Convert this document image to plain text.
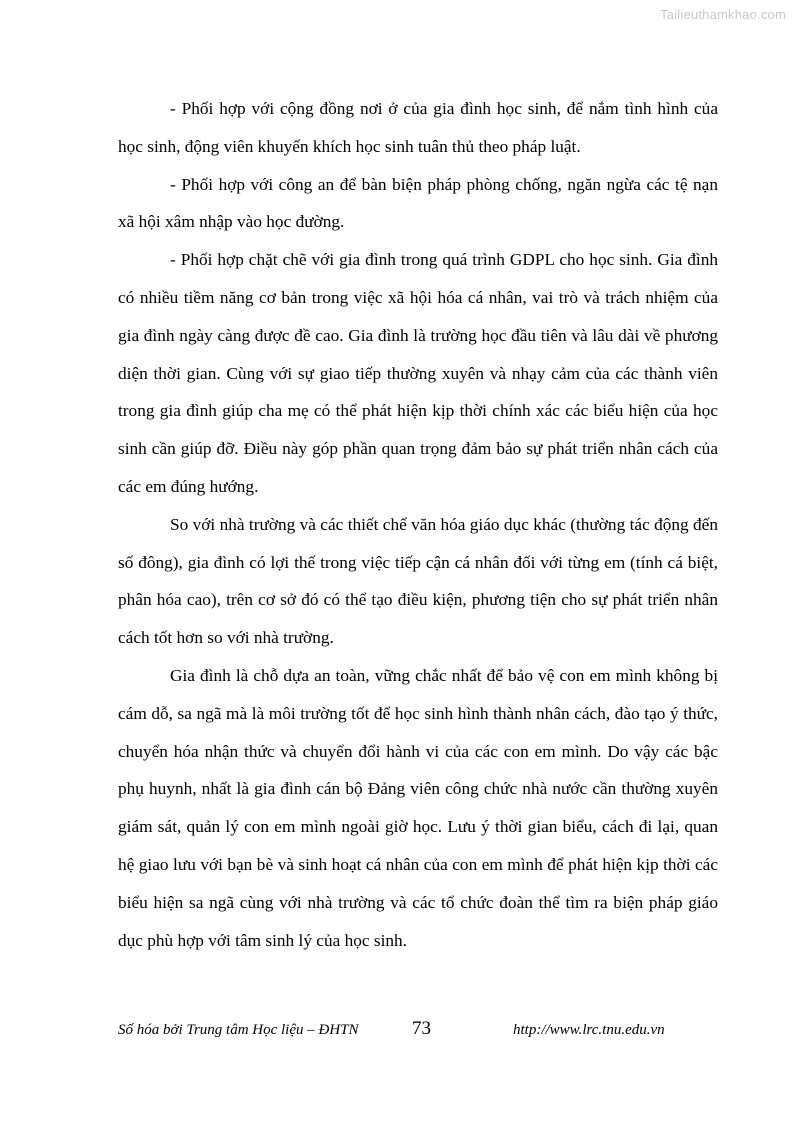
Tailieuthamkhao.com

- Phối hợp với cộng đồng nơi ở của gia đình học sinh, để nắm tình hình của học sinh, động viên khuyến khích học sinh tuân thủ theo pháp luật.

- Phối hợp với công an để bàn biện pháp phòng chống, ngăn ngừa các tệ nạn xã hội xâm nhập vào học đường.

- Phối hợp chặt chẽ với gia đình trong quá trình GDPL cho học sinh. Gia đình có nhiều tiềm năng cơ bản trong việc xã hội hóa cá nhân, vai trò và trách nhiệm của gia đình ngày càng được đề cao. Gia đình là trường học đầu tiên và lâu dài về phương diện thời gian. Cùng với sự giao tiếp thường xuyên và nhạy cảm của các thành viên trong gia đình giúp cha mẹ có thể phát hiện kịp thời chính xác các biểu hiện của học sinh cần giúp đỡ. Điều này góp phần quan trọng đảm bảo sự phát triển nhân cách của các em đúng hướng.

So với nhà trường và các thiết chế văn hóa giáo dục khác (thường tác động đến số đông), gia đình có lợi thế trong việc tiếp cận cá nhân đối với từng em (tính cá biệt, phân hóa cao), trên cơ sở đó có thể tạo điều kiện, phương tiện cho sự phát triển nhân cách tốt hơn so với nhà trường.

Gia đình là chỗ dựa an toàn, vững chắc nhất để bảo vệ con em mình không bị cám dỗ, sa ngã mà là môi trường tốt để học sinh hình thành nhân cách, đào tạo ý thức, chuyển hóa nhận thức và chuyển đổi hành vi của các con em mình. Do vậy các bậc phụ huynh, nhất là gia đình cán bộ Đảng viên công chức nhà nước cần thường xuyên giám sát, quản lý con em mình ngoài giờ học. Lưu ý thời gian biểu, cách đi lại, quan hệ giao lưu với bạn bè và sinh hoạt cá nhân của con em mình để phát hiện kịp thời các biểu hiện sa ngã cùng với nhà trường và các tổ chức đoàn thể tìm ra biện pháp giáo dục phù hợp với tâm sinh lý của học sinh.

Số hóa bởi Trung tâm Học liệu – ĐHTN	73	http://www.lrc.tnu.edu.vn
